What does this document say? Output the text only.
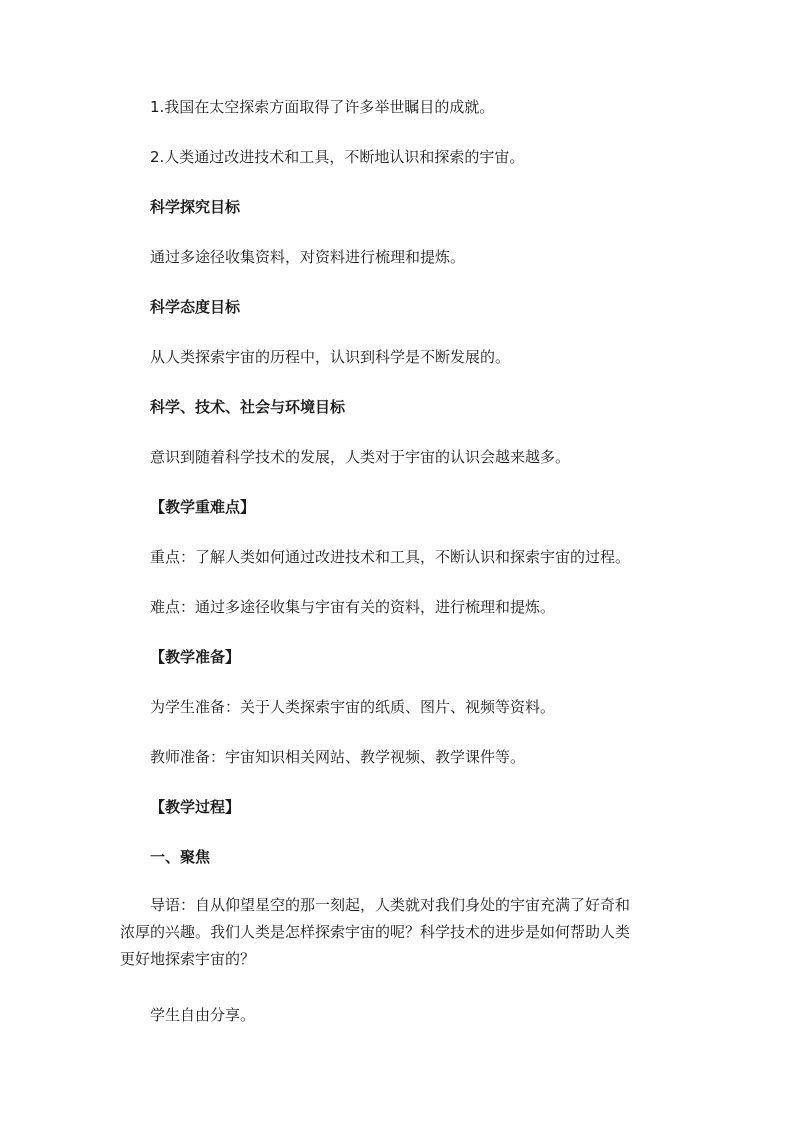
1.我国在太空探索方面取得了许多举世瞩目的成就。
2.人类通过改进技术和工具，不断地认识和探索的宇宙。
科学探究目标
通过多途径收集资料，对资料进行梳理和提炼。
科学态度目标
从人类探索宇宙的历程中，认识到科学是不断发展的。
科学、技术、社会与环境目标
意识到随着科学技术的发展，人类对于宇宙的认识会越来越多。
【教学重难点】
重点：了解人类如何通过改进技术和工具，不断认识和探索宇宙的过程。
难点：通过多途径收集与宇宙有关的资料，进行梳理和提炼。
【教学准备】
为学生准备：关于人类探索宇宙的纸质、图片、视频等资料。
教师准备：宇宙知识相关网站、教学视频、教学课件等。
【教学过程】
一、聚焦
导语：自从仰望星空的那一刻起，人类就对我们身处的宇宙充满了好奇和
浓厚的兴趣。我们人类是怎样探索宇宙的呢？科学技术的进步是如何帮助人类
更好地探索宇宙的？
学生自由分享。
